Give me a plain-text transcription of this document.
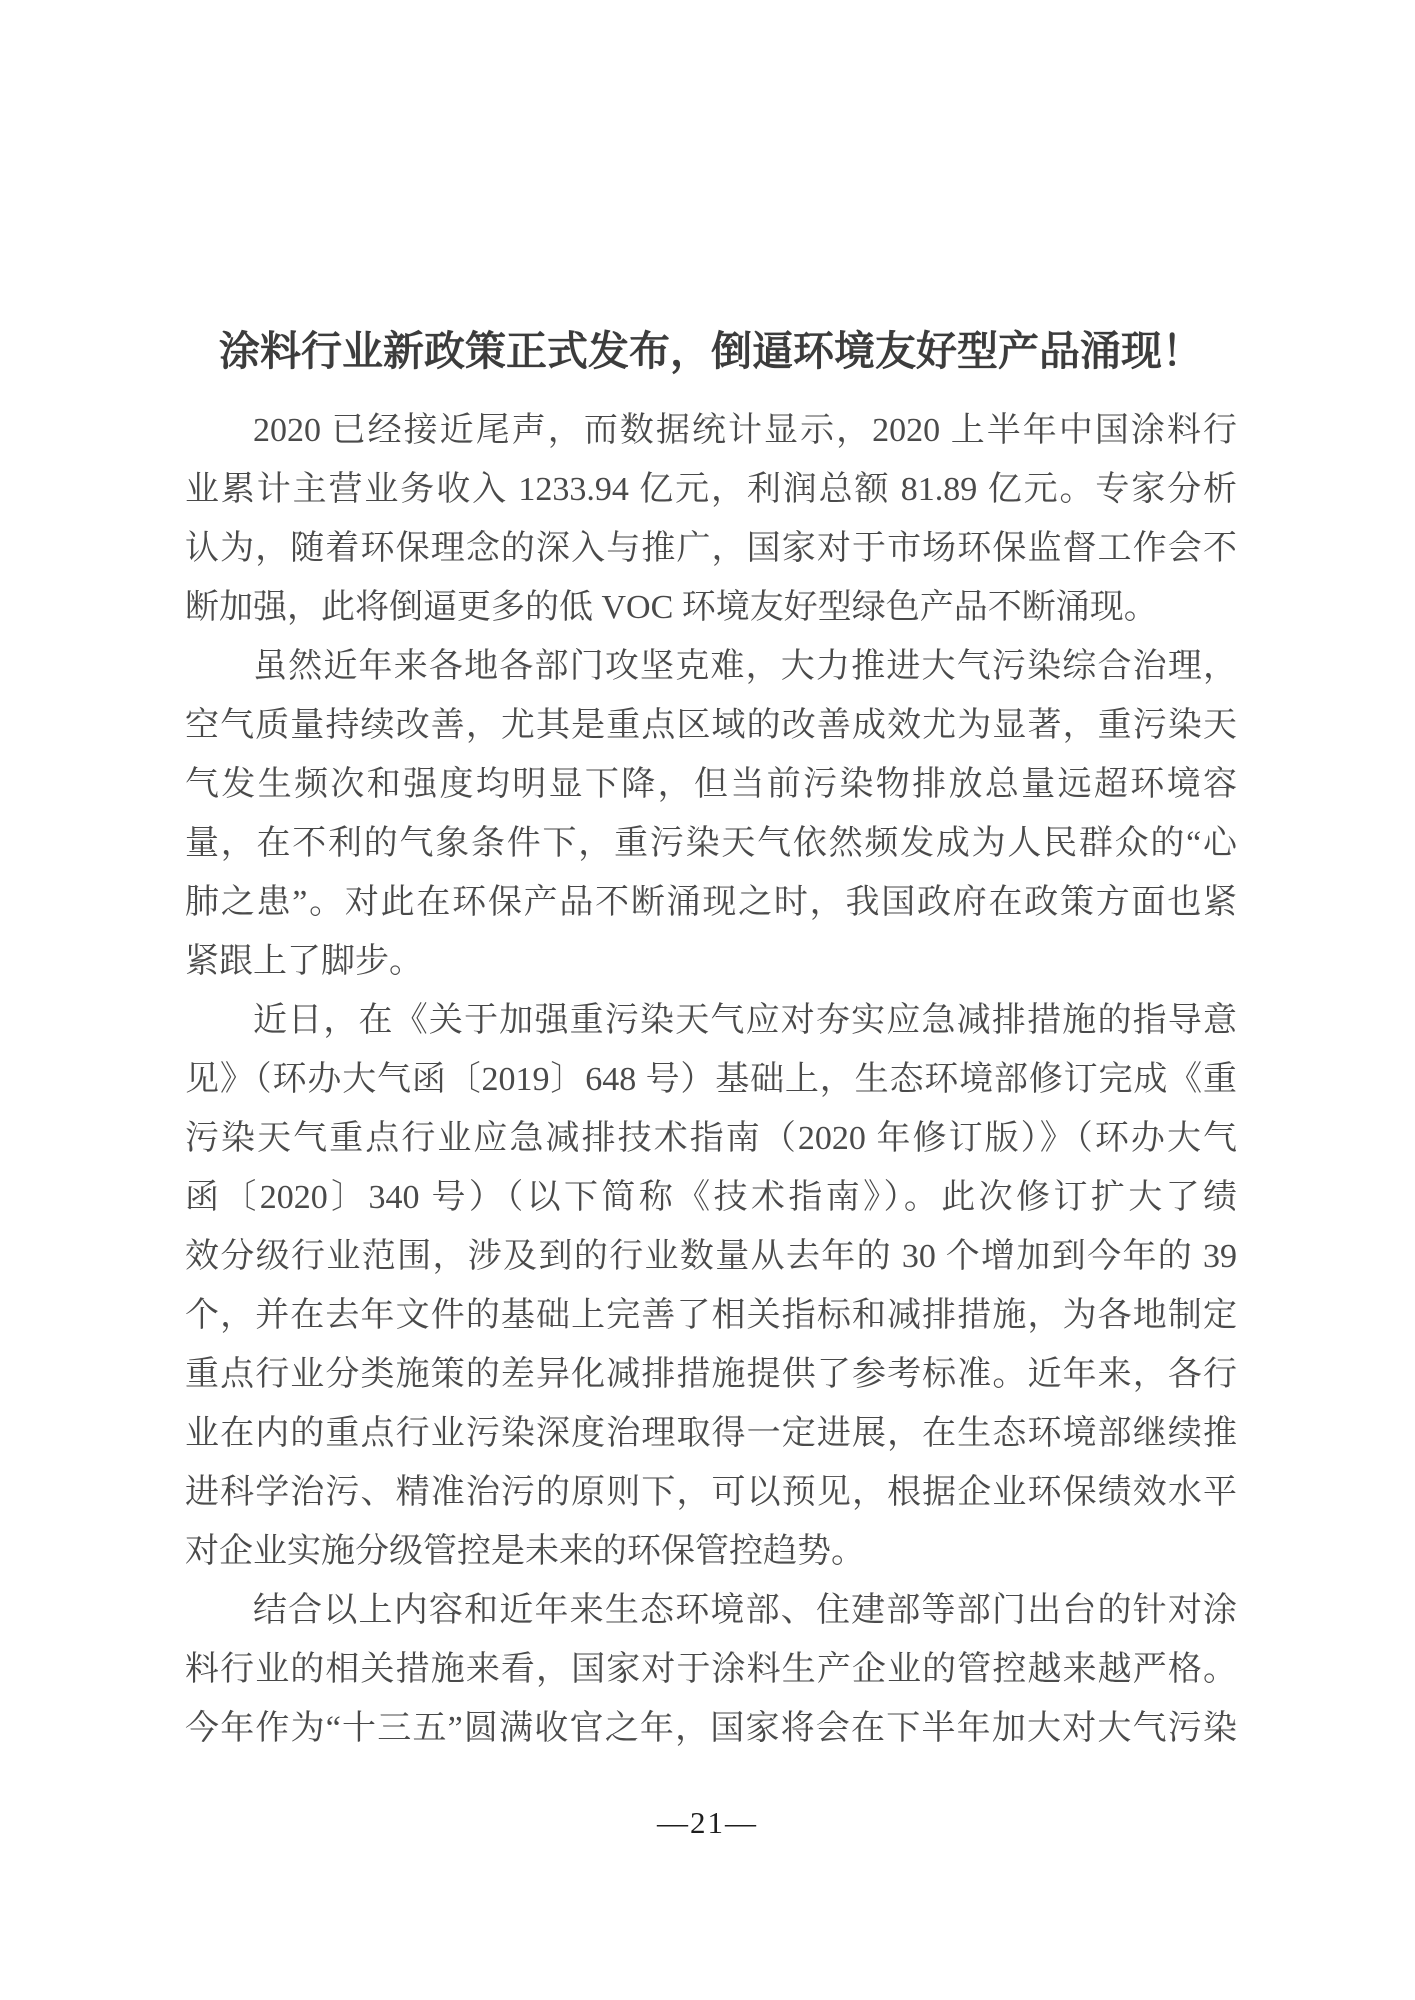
涂料行业新政策正式发布，倒逼环境友好型产品涌现！
2020 已经接近尾声，而数据统计显示，2020 上半年中国涂料行
业累计主营业务收入 1233.94 亿元，利润总额 81.89 亿元。专家分析
认为，随着环保理念的深入与推广，国家对于市场环保监督工作会不
断加强，此将倒逼更多的低 VOC 环境友好型绿色产品不断涌现。
虽然近年来各地各部门攻坚克难，大力推进大气污染综合治理，
空气质量持续改善，尤其是重点区域的改善成效尤为显著，重污染天
气发生频次和强度均明显下降，但当前污染物排放总量远超环境容
量，在不利的气象条件下，重污染天气依然频发成为人民群众的“心
肺之患”。对此在环保产品不断涌现之时，我国政府在政策方面也紧
紧跟上了脚步。
近日，在《关于加强重污染天气应对夯实应急减排措施的指导意
见》（环办大气函〔2019〕648 号）基础上，生态环境部修订完成《重
污染天气重点行业应急减排技术指南（2020 年修订版）》（环办大气
函〔2020〕340 号）（以下简称《技术指南》）。此次修订扩大了绩
效分级行业范围，涉及到的行业数量从去年的 30 个增加到今年的 39
个，并在去年文件的基础上完善了相关指标和减排措施，为各地制定
重点行业分类施策的差异化减排措施提供了参考标准。近年来，各行
业在内的重点行业污染深度治理取得一定进展，在生态环境部继续推
进科学治污、精准治污的原则下，可以预见，根据企业环保绩效水平
对企业实施分级管控是未来的环保管控趋势。
结合以上内容和近年来生态环境部、住建部等部门出台的针对涂
料行业的相关措施来看，国家对于涂料生产企业的管控越来越严格。
今年作为“十三五”圆满收官之年，国家将会在下半年加大对大气污染
—21—
